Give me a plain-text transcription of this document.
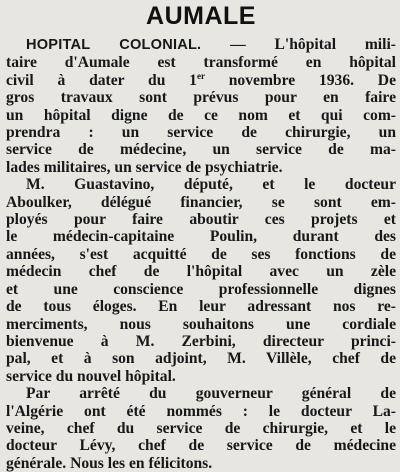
AUMALE
HOPITAL COLONIAL. — L'hôpital mili-
taire d'Aumale est transformé en hôpital
civil à dater du 1er novembre 1936. De
gros travaux sont prévus pour en faire
un hôpital digne de ce nom et qui com-
prendra : un service de chirurgie, un
service de médecine, un service de ma-
lades militaires, un service de psychiatrie.
M. Guastavino, député, et le docteur
Aboulker, délégué financier, se sont em-
ployés pour faire aboutir ces projets et
le médecin-capitaine Poulin, durant des
années, s'est acquitté de ses fonctions de
médecin chef de l'hôpital avec un zèle
et une conscience professionnelle dignes
de tous éloges. En leur adressant nos re-
merciments, nous souhaitons une cordiale
bienvenue à M. Zerbini, directeur princi-
pal, et à son adjoint, M. Villèle, chef de
service du nouvel hôpital.
Par arrêté du gouverneur général de
l'Algérie ont été nommés : le docteur La-
veine, chef du service de chirurgie, et le
docteur Lévy, chef de service de médecine
générale. Nous les en félicitons.
